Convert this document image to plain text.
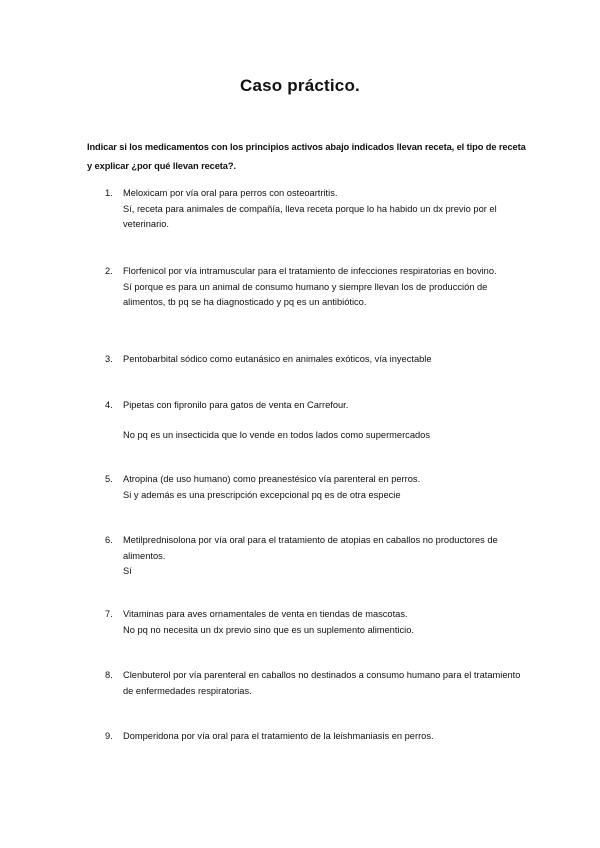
Caso práctico.
Indicar si los medicamentos con los principios activos abajo indicados llevan receta, el tipo de receta y explicar ¿por qué llevan receta?.
1. Meloxicam por vía oral para perros con osteoartritis.
Sí, receta para animales de compañía, lleva receta porque lo ha habido un dx previo por el veterinario.
2. Florfenicol por vía intramuscular para el tratamiento de infecciones respiratorias en bovino.
Sí porque es para un animal de consumo humano y siempre llevan los de producción de alimentos, tb pq se ha diagnosticado y pq es un antibiótico.
3. Pentobarbital sódico como eutanásico en animales exóticos, vía inyectable
4. Pipetas con fipronilo para gatos de venta en Carrefour.
No pq es un insecticida que lo vende en todos lados como supermercados
5. Atropina (de uso humano) como preanestésico vía parenteral en perros.
Si y además es una prescripción excepcional pq es de otra especie
6. Metilprednisolona por vía oral para el tratamiento de atopias en caballos no productores de alimentos.
Sí
7. Vitaminas para aves ornamentales de venta en tiendas de mascotas.
No pq no necesita un dx previo sino que es un suplemento alimenticio.
8. Clenbuterol por vía parenteral en caballos no destinados a consumo humano para el tratamiento de enfermedades respiratorias.
9. Domperidona por vía oral para el tratamiento de la leishmaniasis en perros.
